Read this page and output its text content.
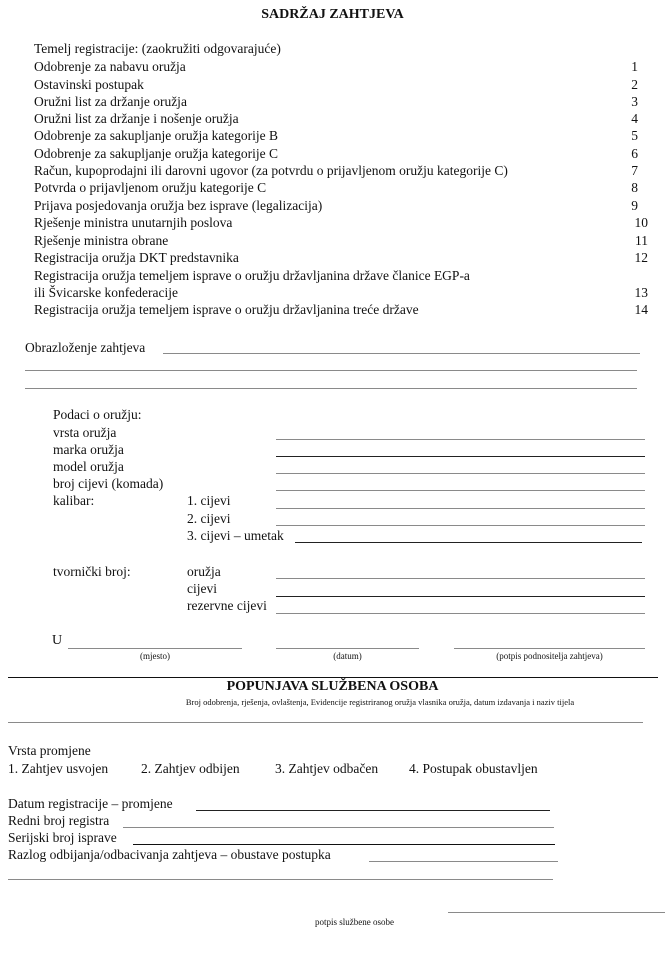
SADRŽAJ ZAHTJEVA
Temelj registracije: (zaokružiti odgovarajuće)
Odobrenje za nabavu oružja	1
Ostavinski postupak	2
Oružni list za držanje oružja	3
Oružni list za držanje i nošenje oružja	4
Odobrenje za sakupljanje oružja kategorije B	5
Odobrenje za sakupljanje oružja kategorije C	6
Račun, kupoprodajni ili darovni ugovor (za potvrdu o prijavljenom oružju kategorije C)	7
Potvrda o prijavljenom oružju kategorije C	8
Prijava posjedovanja oružja bez isprave (legalizacija)	9
Rješenje ministra unutarnjih poslova	10
Rješenje ministra obrane	11
Registracija oružja DKT predstavnika	12
Registracija oružja temeljem isprave o oružju državljanina države članice EGP-a
ili Švicarske konfederacije	13
Registracija oružja temeljem isprave o oružju državljanina treće države	14
Obrazloženje zahtjeva
Podaci o oružju:
vrsta oružja
marka oružja
model oružja
broj cijevi (komada)
kalibar:	1. cijevi
2. cijevi
3. cijevi – umetak
tvornički broj:	oružja
cijevi
rezervne cijevi
U
(mjesto)	(datum)	(potpis podnositelja zahtjeva)
POPUNJAVA SLUŽBENA OSOBA
Broj odobrenja, rješenja, ovlaštenja, Evidencije registriranog oružja vlasnika oružja, datum izdavanja i naziv tijela
Vrsta promjene
1. Zahtjev usvojen 2. Zahtjev odbijen	3. Zahtjev odbačen 4. Postupak obustavljen
Datum registracije – promjene
Redni broj registra
Serijski broj isprave
Razlog odbijanja/odbacivanja zahtjeva – obustave postupka
potpis službene osobe
